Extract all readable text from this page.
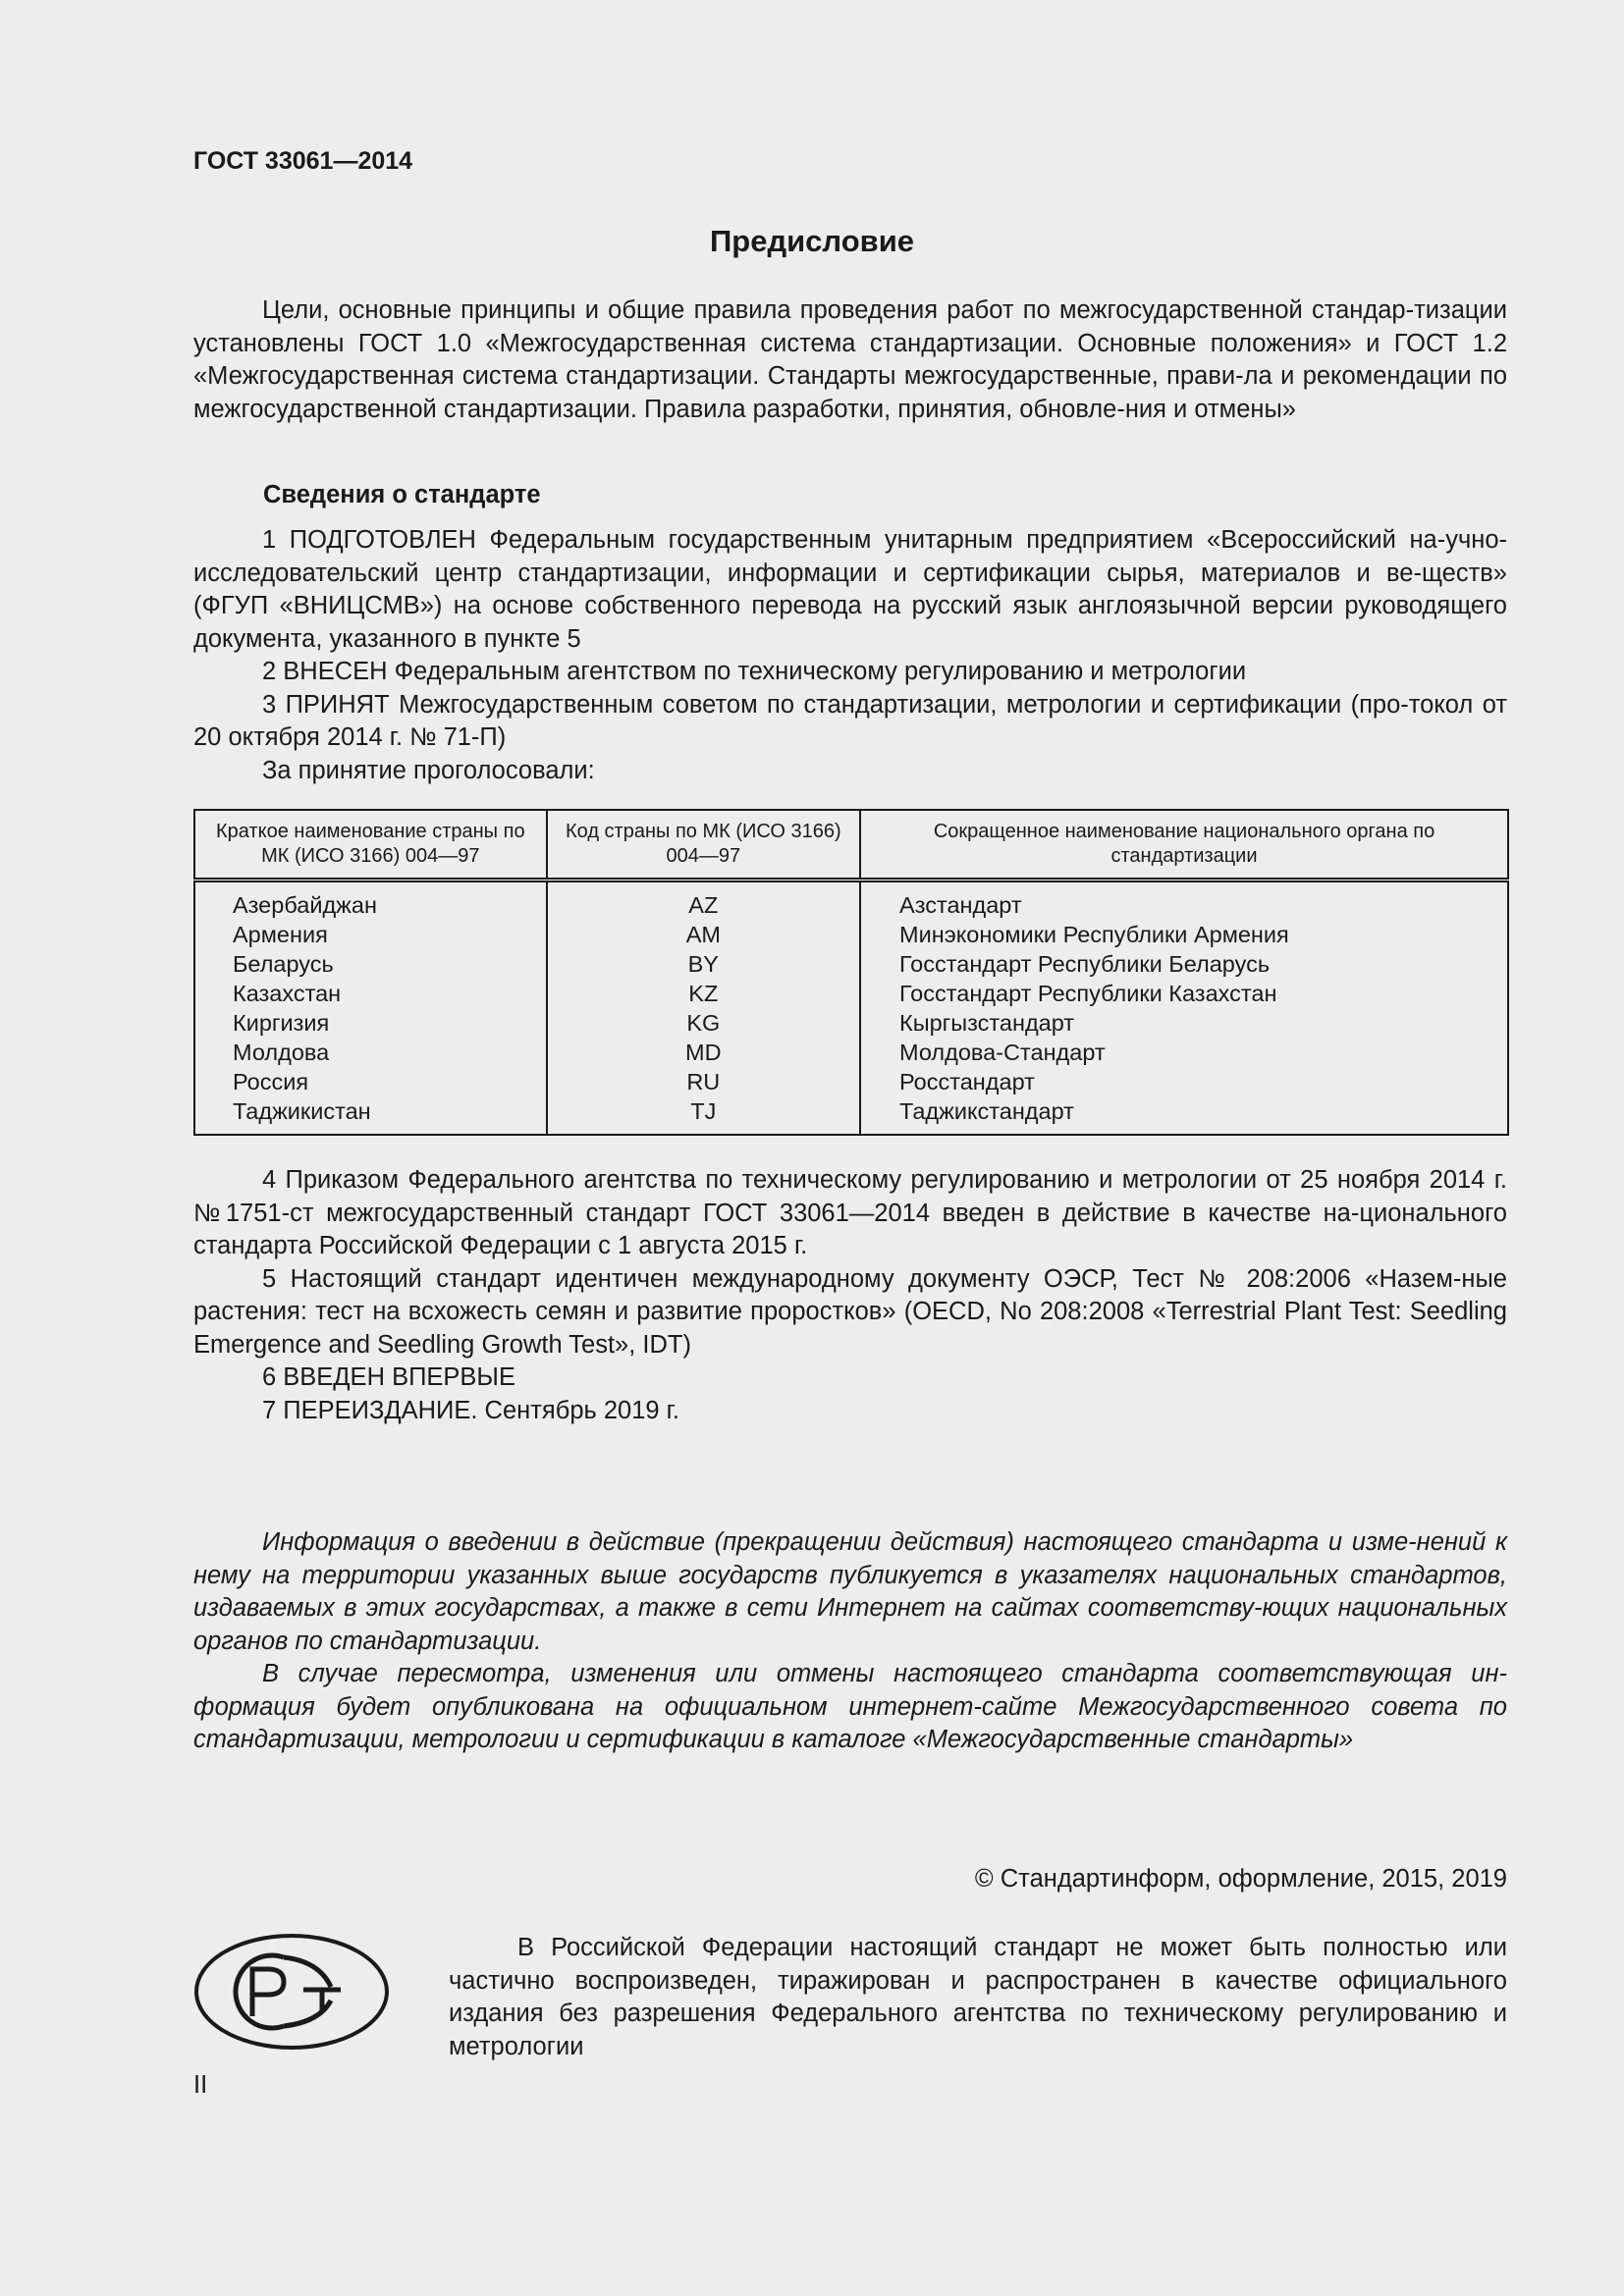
ГОСТ 33061—2014
Предисловие

Цели, основные принципы и общие правила проведения работ по межгосударственной стандар-тизации установлены ГОСТ 1.0 «Межгосударственная система стандартизации. Основные положения» и ГОСТ 1.2 «Межгосударственная система стандартизации. Стандарты межгосударственные, прави-ла и рекомендации по межгосударственной стандартизации. Правила разработки, принятия, обновле-ния и отмены»

Сведения о стандарте

1 ПОДГОТОВЛЕН Федеральным государственным унитарным предприятием «Всероссийский на-учно-исследовательский центр стандартизации, информации и сертификации сырья, материалов и ве-ществ» (ФГУП «ВНИЦСМВ») на основе собственного перевода на русский язык англоязычной версии руководящего документа, указанного в пункте 5

2 ВНЕСЕН Федеральным агентством по техническому регулированию и метрологии

3 ПРИНЯТ Межгосударственным советом по стандартизации, метрологии и сертификации (про-токол от 20 октября 2014 г. № 71-П)

За принятие проголосовали:

Краткое наименование страны по МК (ИСО 3166) 004—97	Код страны по МК (ИСО 3166) 004—97	Сокращенное наименование национального органа по стандартизации
Азербайджан	AZ	Азстандарт
Армения	AM	Минэкономики Республики Армения
Беларусь	BY	Госстандарт Республики Беларусь
Казахстан	KZ	Госстандарт Республики Казахстан
Киргизия	KG	Кыргызстандарт
Молдова	MD	Молдова-Стандарт
Россия	RU	Росстандарт
Таджикистан	TJ	Таджикстандарт

4 Приказом Федерального агентства по техническому регулированию и метрологии от 25 ноября 2014 г. №1751-ст межгосударственный стандарт ГОСТ 33061—2014 введен в действие в качестве на-ционального стандарта Российской Федерации с 1 августа 2015 г.

5 Настоящий стандарт идентичен международному документу ОЭСР, Тест № 208:2006 «Назем-ные растения: тест на всхожесть семян и развитие проростков» (OECD, No 208:2008 «Terrestrial Plant Test: Seedling Emergence and Seedling Growth Test», IDT)

6 ВВЕДЕН ВПЕРВЫЕ

7 ПЕРЕИЗДАНИЕ. Сентябрь 2019 г.

Информация о введении в действие (прекращении действия) настоящего стандарта и изме-нений к нему на территории указанных выше государств публикуется в указателях национальных стандартов, издаваемых в этих государствах, а также в сети Интернет на сайтах соответству-ющих национальных органов по стандартизации.

В случае пересмотра, изменения или отмены настоящего стандарта соответствующая ин-формация будет опубликована на официальном интернет-сайте Межгосударственного совета по стандартизации, метрологии и сертификации в каталоге «Межгосударственные стандарты»

© Стандартинформ, оформление, 2015, 2019

В Российской Федерации настоящий стандарт не может быть полностью или частично воспроизведен, тиражирован и распространен в качестве официального издания без разрешения Федерального агентства по техническому регулированию и метрологии

II
